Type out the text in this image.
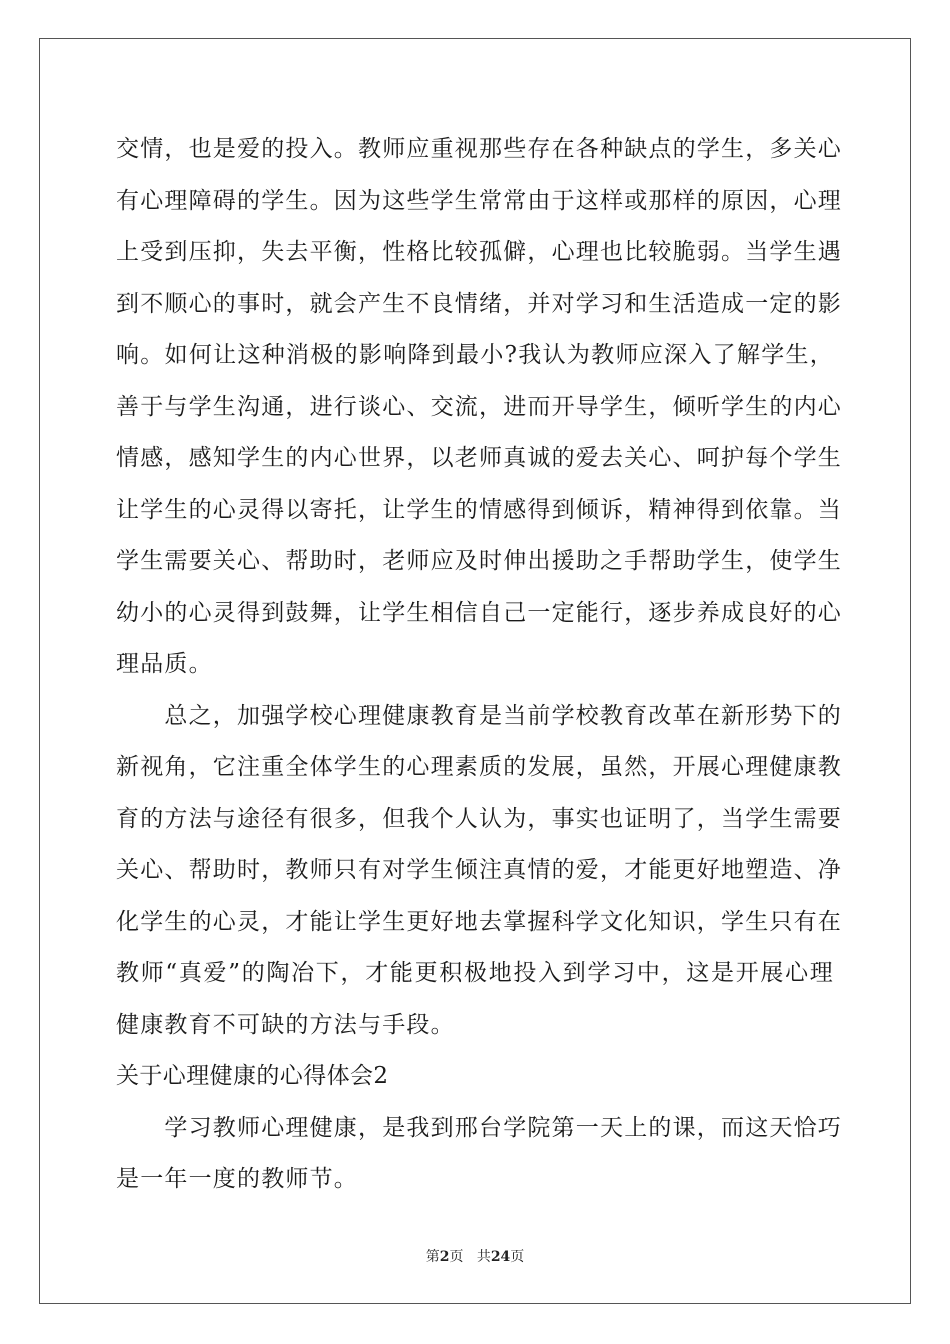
交情，也是爱的投入。教师应重视那些存在各种缺点的学生，多关心
有心理障碍的学生。因为这些学生常常由于这样或那样的原因，心理
上受到压抑，失去平衡，性格比较孤僻，心理也比较脆弱。当学生遇
到不顺心的事时，就会产生不良情绪，并对学习和生活造成一定的影
响。如何让这种消极的影响降到最小?我认为教师应深入了解学生，
善于与学生沟通，进行谈心、交流，进而开导学生，倾听学生的内心
情感，感知学生的内心世界，以老师真诚的爱去关心、呵护每个学生
让学生的心灵得以寄托，让学生的情感得到倾诉，精神得到依靠。当
学生需要关心、帮助时，老师应及时伸出援助之手帮助学生，使学生
幼小的心灵得到鼓舞，让学生相信自己一定能行，逐步养成良好的心
理品质。
　　总之，加强学校心理健康教育是当前学校教育改革在新形势下的
新视角，它注重全体学生的心理素质的发展，虽然，开展心理健康教
育的方法与途径有很多，但我个人认为，事实也证明了，当学生需要
关心、帮助时，教师只有对学生倾注真情的爱，才能更好地塑造、净
化学生的心灵，才能让学生更好地去掌握科学文化知识，学生只有在
教师“真爱”的陶冶下，才能更积极地投入到学习中，这是开展心理
健康教育不可缺的方法与手段。
关于心理健康的心得体会2
　　学习教师心理健康，是我到邢台学院第一天上的课，而这天恰巧
是一年一度的教师节。
第2页 共24页
